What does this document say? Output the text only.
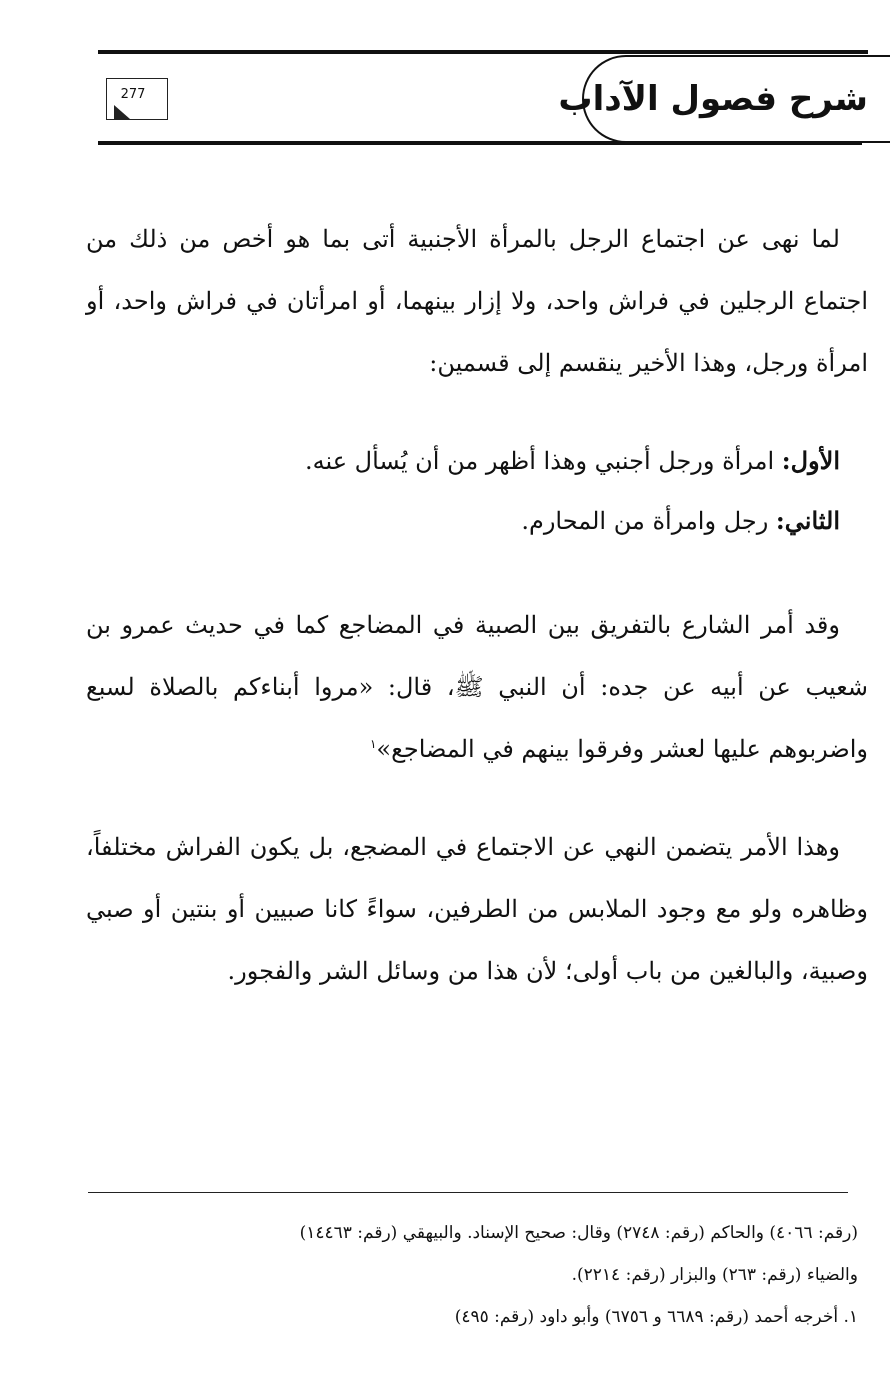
شرح فصول الآداب
277

لما نهى عن اجتماع الرجل بالمرأة الأجنبية أتى بما هو أخص من ذلك من اجتماع الرجلين في فراش واحد، ولا إزار بينهما، أو امرأتان في فراش واحد، أو امرأة ورجل، وهذا الأخير ينقسم إلى قسمين:

الأول: امرأة ورجل أجنبي وهذا أظهر من أن يُسأل عنه.

الثاني: رجل وامرأة من المحارم.

وقد أمر الشارع بالتفريق بين الصبية في المضاجع كما في حديث عمرو بن شعيب عن أبيه عن جده: أن النبي ﷺ، قال: «مروا أبناءكم بالصلاة لسبع واضربوهم عليها لعشر وفرقوا بينهم في المضاجع»$^١$

وهذا الأمر يتضمن النهي عن الاجتماع في المضجع، بل يكون الفراش مختلفاً، وظاهره ولو مع وجود الملابس من الطرفين، سواءً كانا صبيين أو بنتين أو صبي وصبية، والبالغين من باب أولى؛ لأن هذا من وسائل الشر والفجور.

(رقم: ٤٠٦٦) والحاكم (رقم: ٢٧٤٨) وقال: صحيح الإسناد. والبيهقي (رقم: ١٤٤٦٣)

والضياء (رقم: ٢٦٣) والبزار (رقم: ٢٢١٤).

١. أخرجه أحمد (رقم: ٦٦٨٩ و ٦٧٥٦) وأبو داود (رقم: ٤٩٥)
